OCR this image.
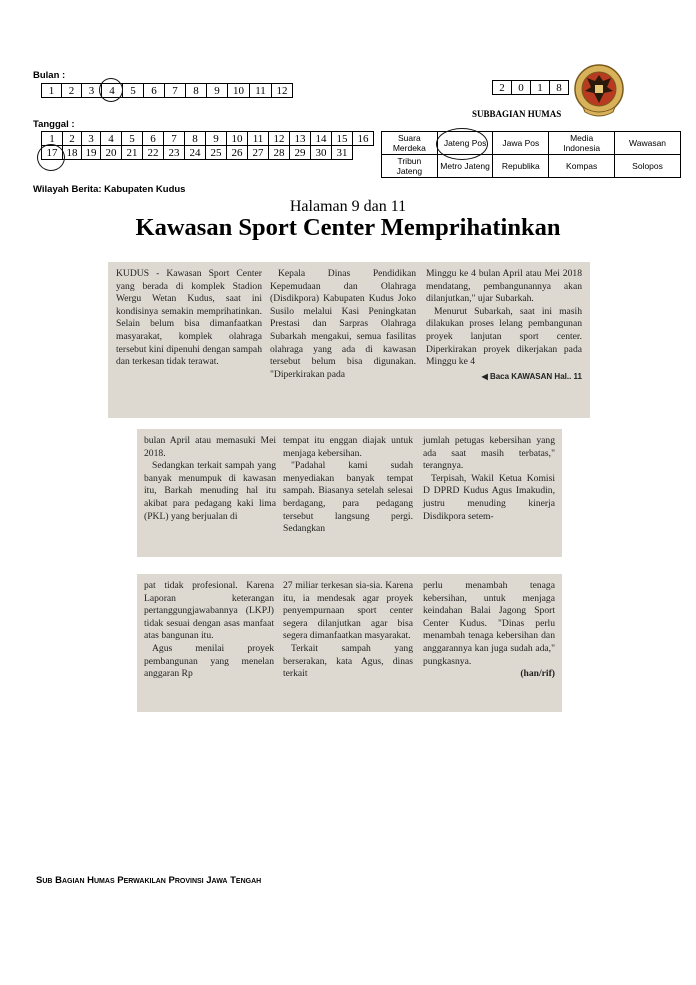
Bulan :
1	2	3	4	5	6	7	8	9	10	11	12
Tanggal :
1	2	3	4	5	6	7	8	9	10	11	12	13	14	15	16
17	18	19	20	21	22	23	24	25	26	27	28	29	30	31	
Wilayah Berita: Kabupaten Kudus
2	0	1	8
SUBBAGIAN HUMAS
Suara Merdeka	Jateng Pos	Jawa Pos	Media Indonesia	Wawasan
Tribun Jateng	Metro Jateng	Republika	Kompas	Solopos
Halaman 9 dan 11
Kawasan Sport Center Memprihatinkan

KUDUS - Kawasan Sport Center yang berada di komplek Stadion Wergu Wetan Kudus, saat ini kondisinya semakin memprihatinkan. Selain belum bisa dimanfaatkan masyarakat, komplek olahraga tersebut kini dipenuhi dengan sampah dan terkesan tidak terawat.

Kepala Dinas Pendidikan Kepemudaan dan Olahraga (Disdikpora) Kabupaten Kudus Joko Susilo melalui Kasi Peningkatan Prestasi dan Sarpras Olahraga Subarkah mengakui, semua fasilitas olahraga yang ada di kawasan tersebut belum bisa digunakan. "Diperkirakan pada

Minggu ke 4 bulan April atau Mei 2018 mendatang, pembangunannya akan dilanjutkan," ujar Subarkah.

Menurut Subarkah, saat ini masih dilakukan proses lelang pembangunan proyek lanjutan sport center. Diperkirakan proyek dikerjakan pada Minggu ke 4

◀ Baca KAWASAN Hal.. 11

bulan April atau memasuki Mei 2018.

Sedangkan terkait sampah yang banyak menumpuk di kawasan itu, Barkah menuding hal itu akibat para pedagang kaki lima (PKL) yang berjualan di

tempat itu enggan diajak untuk menjaga kebersihan.

"Padahal kami sudah menyediakan banyak tempat sampah. Biasanya setelah selesai berdagang, para pedagang tersebut langsung pergi. Sedangkan

jumlah petugas kebersihan yang ada saat masih terbatas," terangnya.

Terpisah, Wakil Ketua Komisi D DPRD Kudus Agus Imakudin, justru menuding kinerja Disdikpora setem-

pat tidak profesional. Karena Laporan keterangan pertanggungjawabannya (LKPJ) tidak sesuai dengan asas manfaat atas bangunan itu.

Agus menilai proyek pembangunan yang menelan anggaran Rp

27 miliar terkesan sia-sia. Karena itu, ia mendesak agar proyek penyempurnaan sport center segera dilanjutkan agar bisa segera dimanfaatkan masyarakat.

Terkait sampah yang berserakan, kata Agus, dinas terkait

perlu menambah tenaga kebersihan, untuk menjaga keindahan Balai Jagong Sport Center Kudus. "Dinas perlu menambah tenaga kebersihan dan anggarannya kan juga sudah ada," pungkasnya.

(han/rif)

Sub Bagian Humas Perwakilan Provinsi Jawa Tengah
